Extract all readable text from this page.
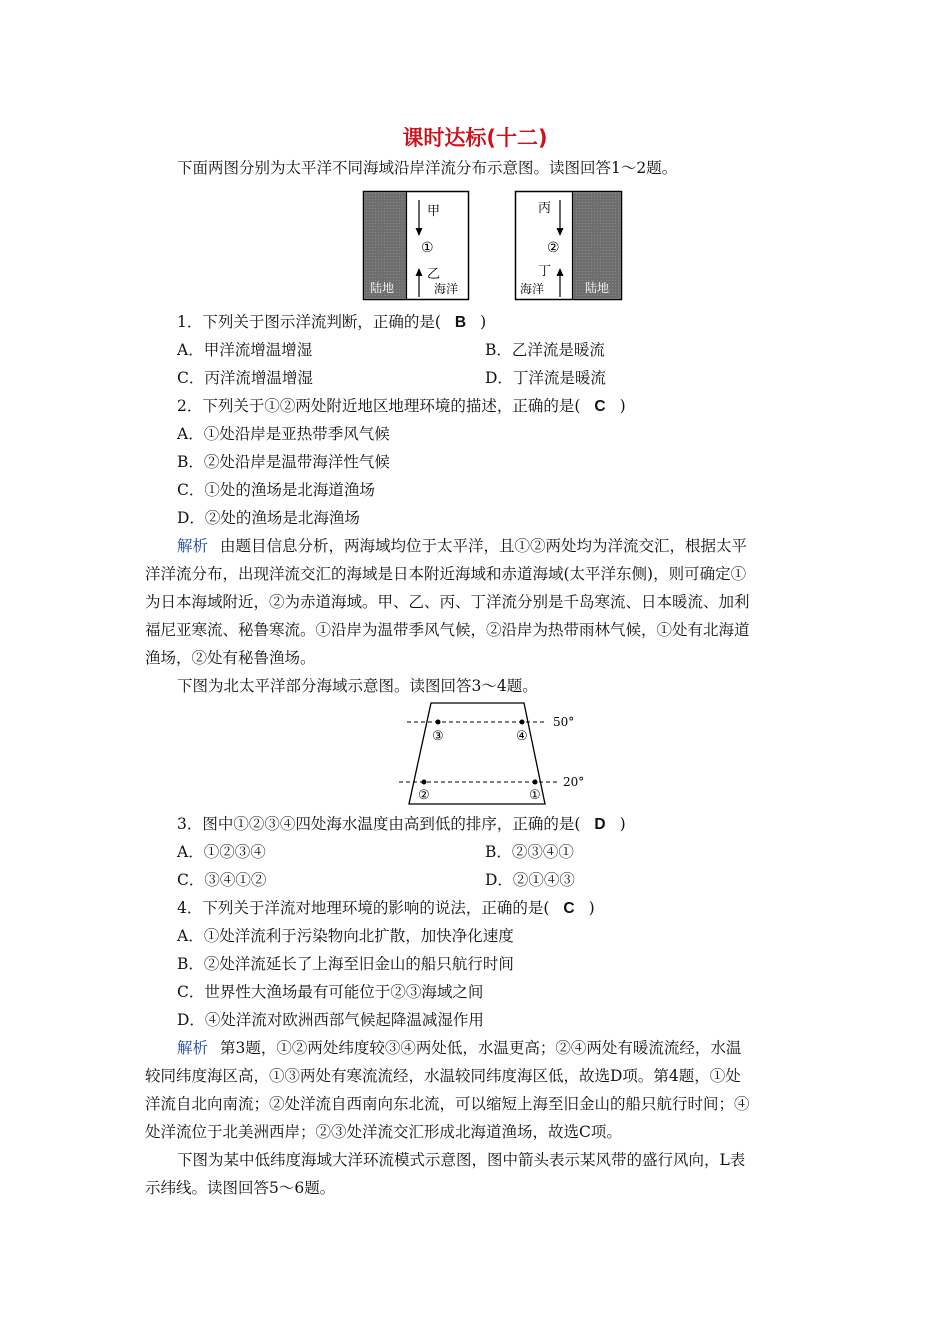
课时达标(十二)
下面两图分别为太平洋不同海域沿岸洋流分布示意图。读图回答1～2题。
陆地
甲
①
乙
海洋
丙
②
丁
海洋	陆地
1．下列关于图示洋流判断，正确的是( B )
A．甲洋流增温增湿	B．乙洋流是暖流
C．丙洋流增温增湿	D．丁洋流是暖流
2．下列关于①②两处附近地区地理环境的描述，正确的是( C )
A．①处沿岸是亚热带季风气候
B．②处沿岸是温带海洋性气候
C．①处的渔场是北海道渔场
D．②处的渔场是北海渔场
解析 由题目信息分析，两海域均位于太平洋，且①②两处均为洋流交汇，根据太平
洋洋流分布，出现洋流交汇的海域是日本附近海域和赤道海域(太平洋东侧)，则可确定①
为日本海域附近，②为赤道海域。甲、乙、丙、丁洋流分别是千岛寒流、日本暖流、加利
福尼亚寒流、秘鲁寒流。①沿岸为温带季风气候，②沿岸为热带雨林气候，①处有北海道
渔场，②处有秘鲁渔场。
下图为北太平洋部分海域示意图。读图回答3～4题。
50°
20°
③	④
②	①
3．图中①②③④四处海水温度由高到低的排序，正确的是( D )
A．①②③④	B．②③④①
C．③④①②	D．②①④③
4．下列关于洋流对地理环境的影响的说法，正确的是( C )
A．①处洋流利于污染物向北扩散，加快净化速度
B．②处洋流延长了上海至旧金山的船只航行时间
C．世界性大渔场最有可能位于②③海域之间
D．④处洋流对欧洲西部气候起降温减湿作用
解析 第3题，①②两处纬度较③④两处低，水温更高；②④两处有暖流流经，水温
较同纬度海区高，①③两处有寒流流经，水温较同纬度海区低，故选D项。第4题，①处
洋流自北向南流；②处洋流自西南向东北流，可以缩短上海至旧金山的船只航行时间；④
处洋流位于北美洲西岸；②③处洋流交汇形成北海道渔场，故选C项。
下图为某中低纬度海域大洋环流模式示意图，图中箭头表示某风带的盛行风向，L表
示纬线。读图回答5～6题。
